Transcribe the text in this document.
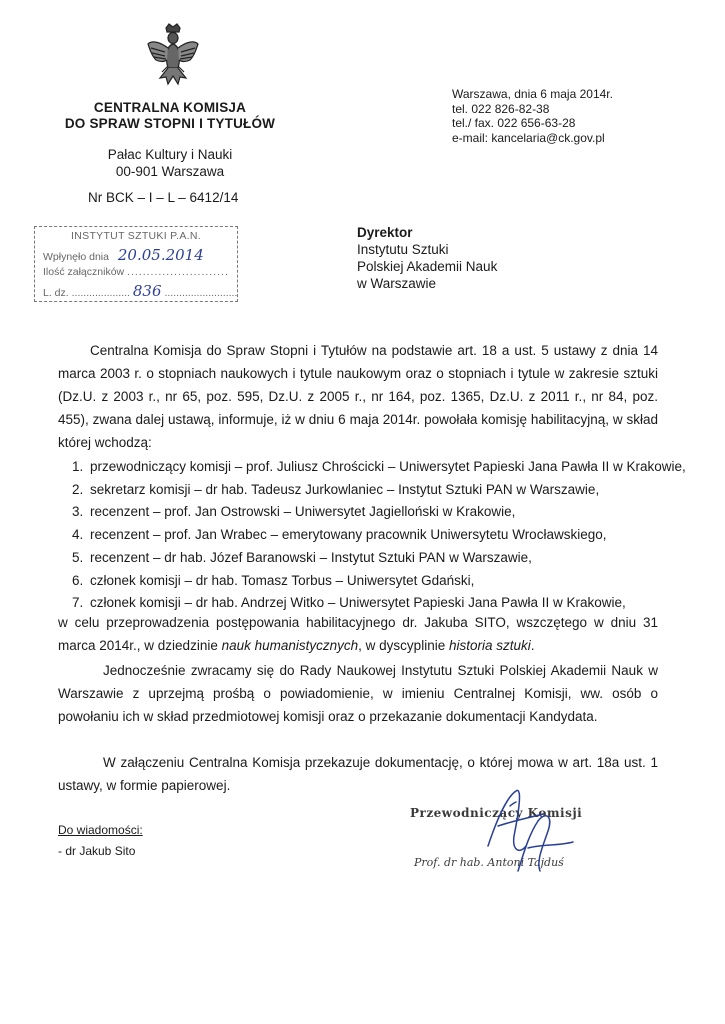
CENTRALNA KOMISJA
DO SPRAW STOPNI I TYTUŁÓW
Pałac Kultury i Nauki
00-901 Warszawa
Nr BCK – I – L – 6412/14
Warszawa, dnia 6 maja 2014r.
tel. 022 826-82-38
tel./ fax. 022 656-63-28
e-mail: kancelaria@ck.gov.pl
INSTYTUT SZTUKI P.A.N.
Wpłynęło dnia 20.05.2014
Ilość załączników ..........................
L. dz. .................... 836 .........................
Dyrektor
Instytutu Sztuki
Polskiej Akademii Nauk
w Warszawie
Centralna Komisja do Spraw Stopni i Tytułów na podstawie art. 18 a ust. 5 ustawy z dnia 14 marca 2003 r. o stopniach naukowych i tytule naukowym oraz o stopniach i tytule w zakresie sztuki (Dz.U. z 2003 r., nr 65, poz. 595, Dz.U. z 2005 r., nr 164, poz. 1365, Dz.U. z 2011 r., nr 84, poz. 455), zwana dalej ustawą, informuje, iż w dniu 6 maja 2014r. powołała komisję habilitacyjną, w skład której wchodzą:
1. przewodniczący komisji – prof. Juliusz Chrościcki – Uniwersytet Papieski Jana Pawła II w Krakowie,
2. sekretarz komisji – dr hab. Tadeusz Jurkowlaniec – Instytut Sztuki PAN w Warszawie,
3. recenzent – prof. Jan Ostrowski – Uniwersytet Jagielloński w Krakowie,
4. recenzent – prof. Jan Wrabec – emerytowany pracownik Uniwersytetu Wrocławskiego,
5. recenzent – dr hab. Józef Baranowski – Instytut Sztuki PAN w Warszawie,
6. członek komisji – dr hab. Tomasz Torbus – Uniwersytet Gdański,
7. członek komisji – dr hab. Andrzej Witko – Uniwersytet Papieski Jana Pawła II w Krakowie,
w celu przeprowadzenia postępowania habilitacyjnego dr. Jakuba SITO, wszczętego w dniu 31 marca 2014r., w dziedzinie nauk humanistycznych, w dyscyplinie historia sztuki.
Jednocześnie zwracamy się do Rady Naukowej Instytutu Sztuki Polskiej Akademii Nauk w Warszawie z uprzejmą prośbą o powiadomienie, w imieniu Centralnej Komisji, ww. osób o powołaniu ich w skład przedmiotowej komisji oraz o przekazanie dokumentacji Kandydata.
W załączeniu Centralna Komisja przekazuje dokumentację, o której mowa w art. 18a ust. 1 ustawy, w formie papierowej.
Do wiadomości:
- dr Jakub Sito
Przewodniczący Komisji
Prof. dr hab. Antoni Tajduś
